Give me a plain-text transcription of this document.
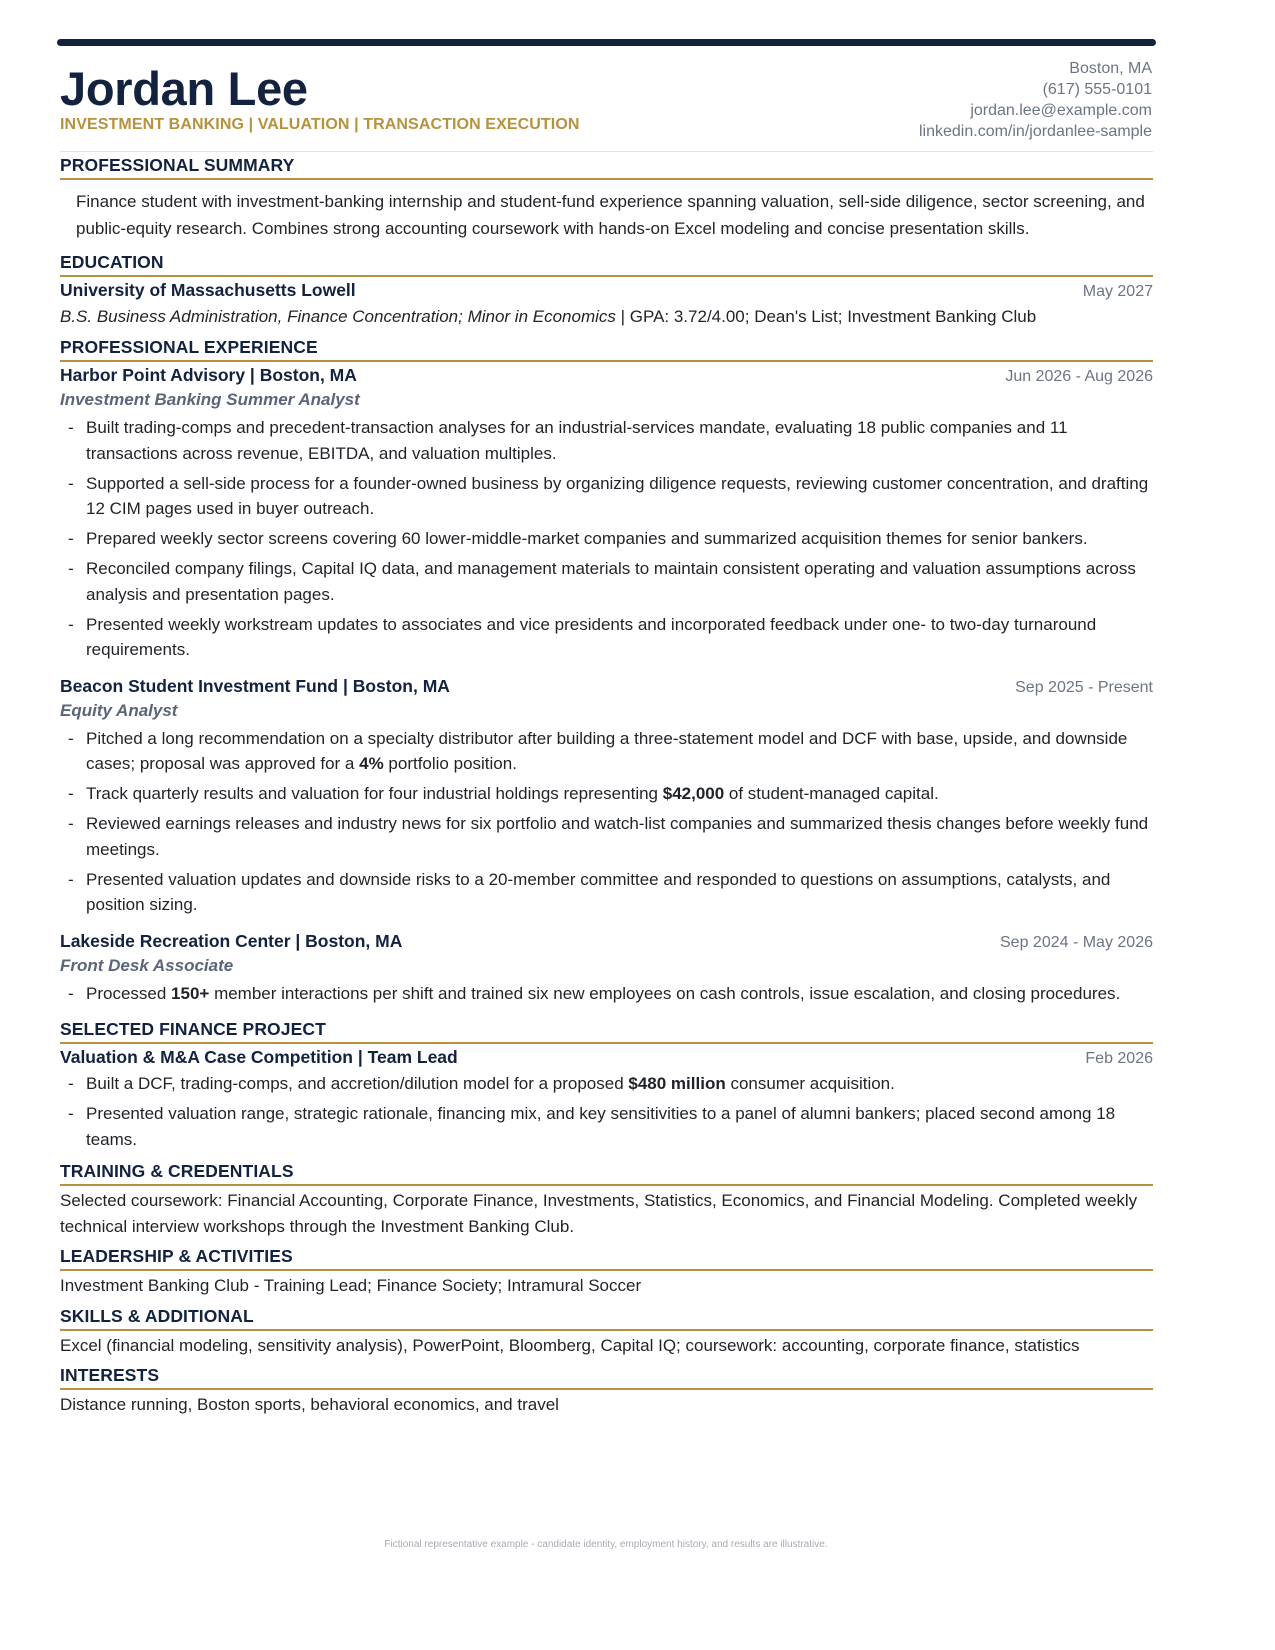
Jordan Lee
INVESTMENT BANKING | VALUATION | TRANSACTION EXECUTION
Boston, MA
(617) 555-0101
jordan.lee@example.com
linkedin.com/in/jordanlee-sample
PROFESSIONAL SUMMARY
Finance student with investment-banking internship and student-fund experience spanning valuation, sell-side diligence, sector screening, and public-equity research. Combines strong accounting coursework with hands-on Excel modeling and concise presentation skills.
EDUCATION
University of Massachusetts Lowell	May 2027
B.S. Business Administration, Finance Concentration; Minor in Economics | GPA: 3.72/4.00; Dean's List; Investment Banking Club
PROFESSIONAL EXPERIENCE
Harbor Point Advisory | Boston, MA	Jun 2026 - Aug 2026
Investment Banking Summer Analyst
- Built trading-comps and precedent-transaction analyses for an industrial-services mandate, evaluating 18 public companies and 11 transactions across revenue, EBITDA, and valuation multiples.
- Supported a sell-side process for a founder-owned business by organizing diligence requests, reviewing customer concentration, and drafting 12 CIM pages used in buyer outreach.
- Prepared weekly sector screens covering 60 lower-middle-market companies and summarized acquisition themes for senior bankers.
- Reconciled company filings, Capital IQ data, and management materials to maintain consistent operating and valuation assumptions across analysis and presentation pages.
- Presented weekly workstream updates to associates and vice presidents and incorporated feedback under one- to two-day turnaround requirements.
Beacon Student Investment Fund | Boston, MA	Sep 2025 - Present
Equity Analyst
- Pitched a long recommendation on a specialty distributor after building a three-statement model and DCF with base, upside, and downside cases; proposal was approved for a 4% portfolio position.
- Track quarterly results and valuation for four industrial holdings representing $42,000 of student-managed capital.
- Reviewed earnings releases and industry news for six portfolio and watch-list companies and summarized thesis changes before weekly fund meetings.
- Presented valuation updates and downside risks to a 20-member committee and responded to questions on assumptions, catalysts, and position sizing.
Lakeside Recreation Center | Boston, MA	Sep 2024 - May 2026
Front Desk Associate
- Processed 150+ member interactions per shift and trained six new employees on cash controls, issue escalation, and closing procedures.
SELECTED FINANCE PROJECT
Valuation & M&A Case Competition | Team Lead	Feb 2026
- Built a DCF, trading-comps, and accretion/dilution model for a proposed $480 million consumer acquisition.
- Presented valuation range, strategic rationale, financing mix, and key sensitivities to a panel of alumni bankers; placed second among 18 teams.
TRAINING & CREDENTIALS
Selected coursework: Financial Accounting, Corporate Finance, Investments, Statistics, Economics, and Financial Modeling. Completed weekly technical interview workshops through the Investment Banking Club.
LEADERSHIP & ACTIVITIES
Investment Banking Club - Training Lead; Finance Society; Intramural Soccer
SKILLS & ADDITIONAL
Excel (financial modeling, sensitivity analysis), PowerPoint, Bloomberg, Capital IQ; coursework: accounting, corporate finance, statistics
INTERESTS
Distance running, Boston sports, behavioral economics, and travel
Fictional representative example - candidate identity, employment history, and results are illustrative.
